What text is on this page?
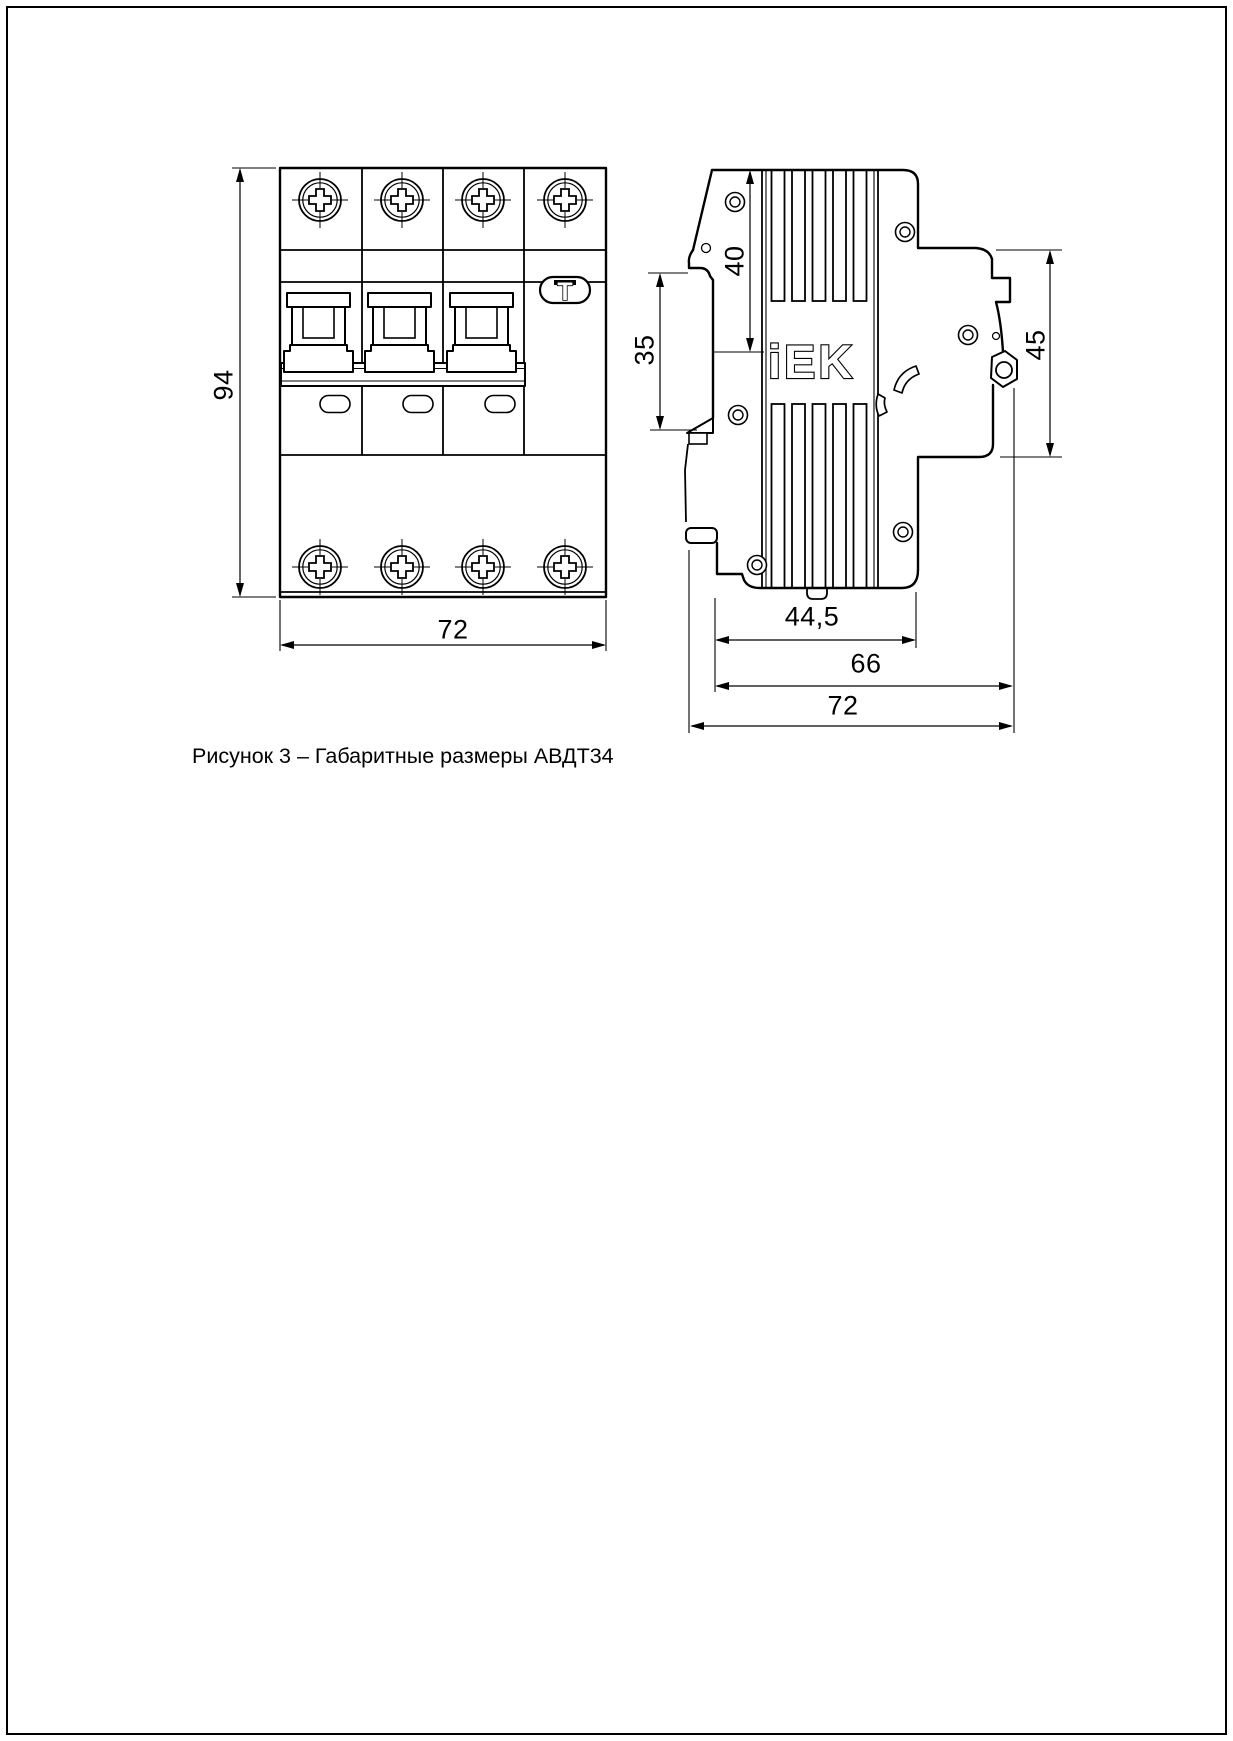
T
iEK
94
72
40
35	45
44,5
66
72
Рисунок 3 – Габаритные размеры АВДТ34
